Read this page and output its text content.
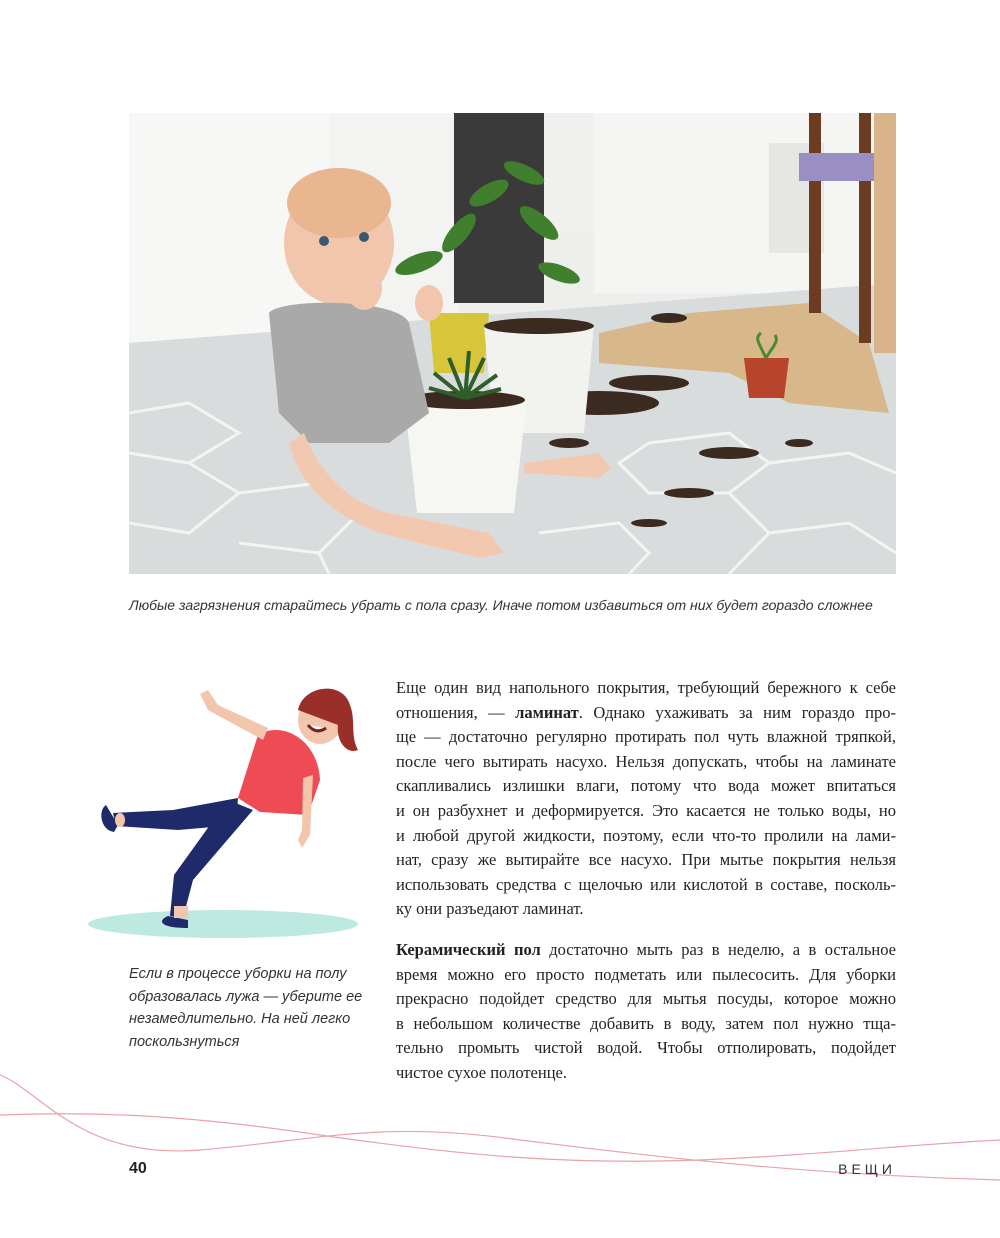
Любые загрязнения старайтесь убрать с пола сразу. Иначе потом избавиться от них будет гораздо сложнее

Если в процессе уборки на полу образовалась лужа — уберите ее незамедлительно. На ней легко поскользнуться

Еще один вид напольного покрытия, требующий бережного к себе
отношения, — ламинат. Однако ухаживать за ним гораздо про-
ще — достаточно регулярно протирать пол чуть влажной тряпкой,
после чего вытирать насухо. Нельзя допускать, чтобы на ламинате
скапливались излишки влаги, потому что вода может впитаться
и он разбухнет и деформируется. Это касается не только воды, но
и любой другой жидкости, поэтому, если что-то пролили на лами-
нат, сразу же вытирайте все насухо. При мытье покрытия нельзя
использовать средства с щелочью или кислотой в составе, посколь-
ку они разъедают ламинат.

Керамический пол достаточно мыть раз в неделю, а в остальное
время можно его просто подметать или пылесосить. Для уборки
прекрасно подойдет средство для мытья посуды, которое можно
в небольшом количестве добавить в воду, затем пол нужно тща-
тельно промыть чистой водой. Чтобы отполировать, подойдет
чистое сухое полотенце.

40	ВЕЩИ
